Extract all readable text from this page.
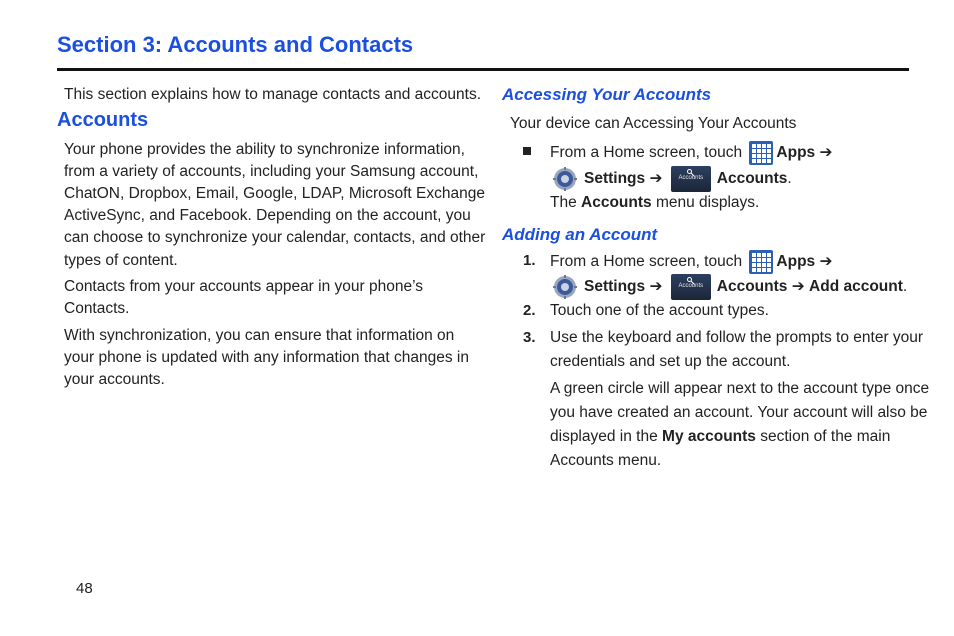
Section 3: Accounts and Contacts
This section explains how to manage contacts and accounts.
Accounts
Your phone provides the ability to synchronize information,
from a variety of accounts, including your Samsung account,
ChatON, Dropbox, Email, Google, LDAP, Microsoft Exchange
ActiveSync, and Facebook. Depending on the account, you
can choose to synchronize your calendar, contacts, and other
types of content.
Contacts from your accounts appear in your phone’s
Contacts.
With synchronization, you can ensure that information on
your phone is updated with any information that changes in
your accounts.
Accessing Your Accounts
Your device can Accessing Your Accounts
From a Home screen, touch Apps ➔
Settings ➔	Accounts Accounts.
The Accounts menu displays.
Adding an Account
1. From a Home screen, touch Apps ➔
Settings ➔	Accounts Accounts ➔ Add account.
2. Touch one of the account types.
3. Use the keyboard and follow the prompts to enter your
credentials and set up the account.
A green circle will appear next to the account type once
you have created an account. Your account will also be
displayed in the My accounts section of the main
Accounts menu.
48
